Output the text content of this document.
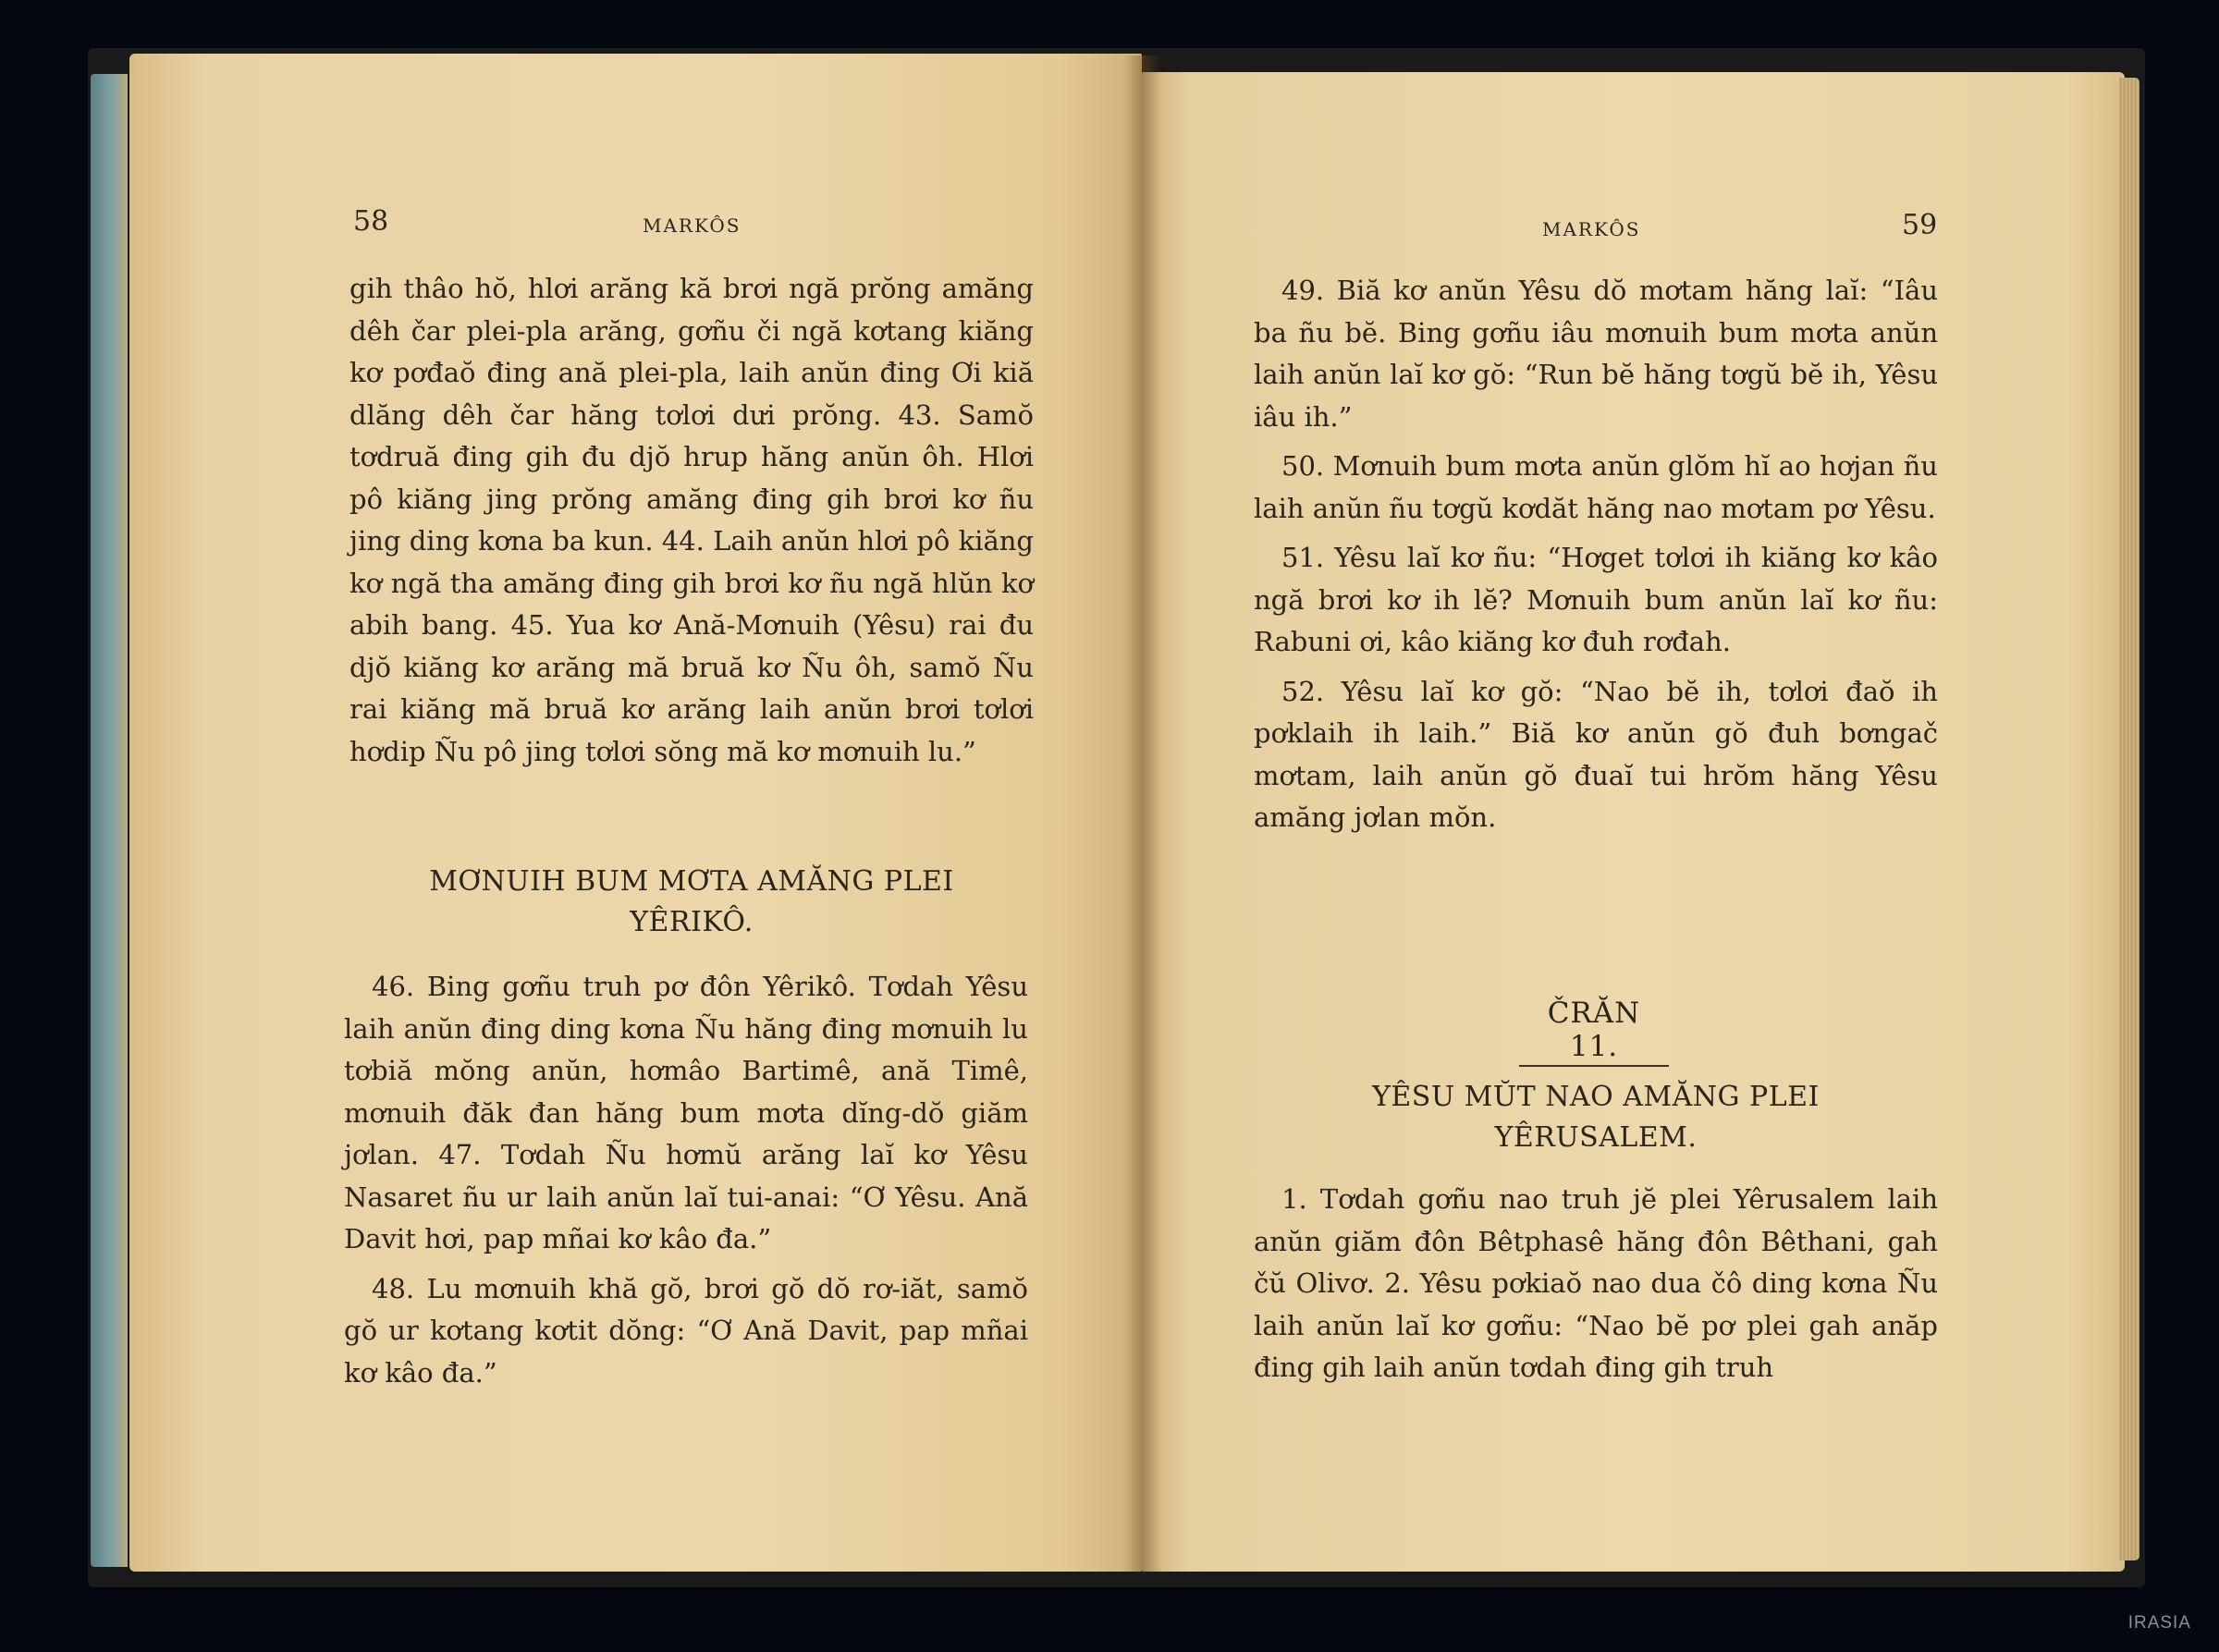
58	MARKÔS

gih thâo hŏ, hlơi arăng kă brơi ngă prŏng amăng dêh čar plei-pla arăng, gơñu či ngă kơtang kiăng kơ pơđaŏ đing ană plei-pla, laih anŭn đing Ơi kiă dlăng dêh čar hăng tơlơi dưi prŏng. 43. Samŏ tơdruă đing gih đu djŏ hrup hăng anŭn ôh. Hlơi pô kiăng jing prŏng amăng đing gih brơi kơ ñu jing ding kơna ba kun. 44. Laih anŭn hlơi pô kiăng kơ ngă tha amăng đing gih brơi kơ ñu ngă hlŭn kơ abih bang. 45. Yua kơ Ană-Mơnuih (Yêsu) rai đu djŏ kiăng kơ arăng mă bruă kơ Ñu ôh, samŏ Ñu rai kiăng mă bruă kơ arăng laih anŭn brơi tơlơi hơdip Ñu pô jing tơlơi sŏng mă kơ mơnuih lu.”

MƠNUIH BUM MƠTA AMĂNG PLEI
YÊRIKÔ.

46. Bing gơñu truh pơ đôn Yêrikô. Tơdah Yêsu laih anŭn đing ding kơna Ñu hăng đing mơnuih lu tơbiă mŏng anŭn, hơmâo Bartimê, ană Timê, mơnuih đăk đan hăng bum mơta dĭng-dŏ giăm jơlan. 47. Tơdah Ñu hơmŭ arăng laĭ kơ Yêsu Nasaret ñu ur laih anŭn laĭ tui-anai: “Ơ Yêsu. Ană Davit hơi, pap mñai kơ kâo đa.”

48. Lu mơnuih khă gŏ, brơi gŏ dŏ rơ-iăt, samŏ gŏ ur kơtang kơtit dŏng: “Ơ Ană Davit, pap mñai kơ kâo đa.”

MARKÔS	59

49. Biă kơ anŭn Yêsu dŏ mơtam hăng laĭ: “Iâu ba ñu bĕ. Bing gơñu iâu mơnuih bum mơta anŭn laih anŭn laĭ kơ gŏ: “Run bĕ hăng tơgŭ bĕ ih, Yêsu iâu ih.”

50. Mơnuih bum mơta anŭn glŏm hĭ ao hơjan ñu laih anŭn ñu tơgŭ kơdăt hăng nao mơtam pơ Yêsu.

51. Yêsu laĭ kơ ñu: “Hơget tơlơi ih kiăng kơ kâo ngă brơi kơ ih lĕ? Mơnuih bum anŭn laĭ kơ ñu: Rabuni ơi, kâo kiăng kơ đuh rơđah.

52. Yêsu laĭ kơ gŏ: “Nao bĕ ih, tơlơi đaŏ ih pơklaih ih laih.” Biă kơ anŭn gŏ đuh bơngač mơtam, laih anŭn gŏ đuaĭ tui hrŏm hăng Yêsu amăng jơlan mŏn.

ČRĂN 11.
YÊSU MŬT NAO AMĂNG PLEI
YÊRUSALEM.

1. Tơdah gơñu nao truh jĕ plei Yêrusalem laih anŭn giăm đôn Bêtphasê hăng đôn Bêthani, gah čŭ Olivơ. 2. Yêsu pơkiaŏ nao dua čô ding kơna Ñu laih anŭn laĭ kơ gơñu: “Nao bĕ pơ plei gah anăp đing gih laih anŭn tơdah đing gih truh

IRASIA
